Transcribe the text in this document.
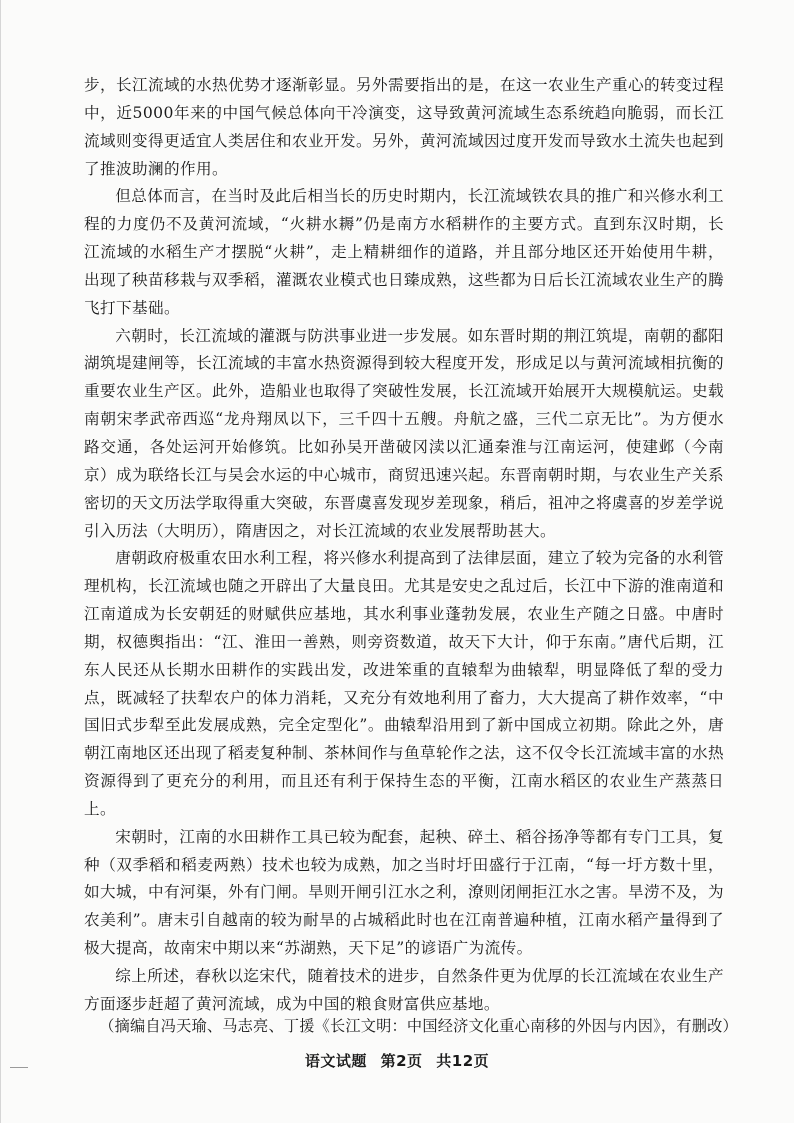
步，长江流域的水热优势才逐渐彰显。另外需要指出的是，在这一农业生产重心的转变过程中，近5000年来的中国气候总体向干冷演变，这导致黄河流域生态系统趋向脆弱，而长江流域则变得更适宜人类居住和农业开发。另外，黄河流域因过度开发而导致水土流失也起到了推波助澜的作用。

但总体而言，在当时及此后相当长的历史时期内，长江流域铁农具的推广和兴修水利工程的力度仍不及黄河流域，“火耕水耨”仍是南方水稻耕作的主要方式。直到东汉时期，长江流域的水稻生产才摆脱“火耕”，走上精耕细作的道路，并且部分地区还开始使用牛耕，出现了秧苗移栽与双季稻，灌溉农业模式也日臻成熟，这些都为日后长江流域农业生产的腾飞打下基础。

六朝时，长江流域的灌溉与防洪事业进一步发展。如东晋时期的荆江筑堤，南朝的鄱阳湖筑堤建闸等，长江流域的丰富水热资源得到较大程度开发，形成足以与黄河流域相抗衡的重要农业生产区。此外，造船业也取得了突破性发展，长江流域开始展开大规模航运。史载南朝宋孝武帝西巡“龙舟翔凤以下，三千四十五艘。舟航之盛，三代二京无比”。为方便水路交通，各处运河开始修筑。比如孙吴开凿破冈渎以汇通秦淮与江南运河，使建邺（今南京）成为联络长江与吴会水运的中心城市，商贸迅速兴起。东晋南朝时期，与农业生产关系密切的天文历法学取得重大突破，东晋虞喜发现岁差现象，稍后，祖冲之将虞喜的岁差学说引入历法（大明历），隋唐因之，对长江流域的农业发展帮助甚大。

唐朝政府极重农田水利工程，将兴修水利提高到了法律层面，建立了较为完备的水利管理机构，长江流域也随之开辟出了大量良田。尤其是安史之乱过后，长江中下游的淮南道和江南道成为长安朝廷的财赋供应基地，其水利事业蓬勃发展，农业生产随之日盛。中唐时期，权德舆指出：“江、淮田一善熟，则旁资数道，故天下大计，仰于东南。”唐代后期，江东人民还从长期水田耕作的实践出发，改进笨重的直辕犁为曲辕犁，明显降低了犁的受力点，既减轻了扶犁农户的体力消耗，又充分有效地利用了畜力，大大提高了耕作效率，“中国旧式步犁至此发展成熟，完全定型化”。曲辕犁沿用到了新中国成立初期。除此之外，唐朝江南地区还出现了稻麦复种制、茶林间作与鱼草轮作之法，这不仅令长江流域丰富的水热资源得到了更充分的利用，而且还有利于保持生态的平衡，江南水稻区的农业生产蒸蒸日上。

宋朝时，江南的水田耕作工具已较为配套，起秧、碎土、稻谷扬净等都有专门工具，复种（双季稻和稻麦两熟）技术也较为成熟，加之当时圩田盛行于江南，“每一圩方数十里，如大城，中有河渠，外有门闸。旱则开闸引江水之利，潦则闭闸拒江水之害。旱涝不及，为农美利”。唐末引自越南的较为耐旱的占城稻此时也在江南普遍种植，江南水稻产量得到了极大提高，故南宋中期以来“苏湖熟，天下足”的谚语广为流传。

综上所述，春秋以迄宋代，随着技术的进步，自然条件更为优厚的长江流域在农业生产方面逐步赶超了黄河流域，成为中国的粮食财富供应基地。

（摘编自冯天瑜、马志亮、丁援《长江文明：中国经济文化重心南移的外因与内因》，有删改）
语文试题 第2页 共12页
